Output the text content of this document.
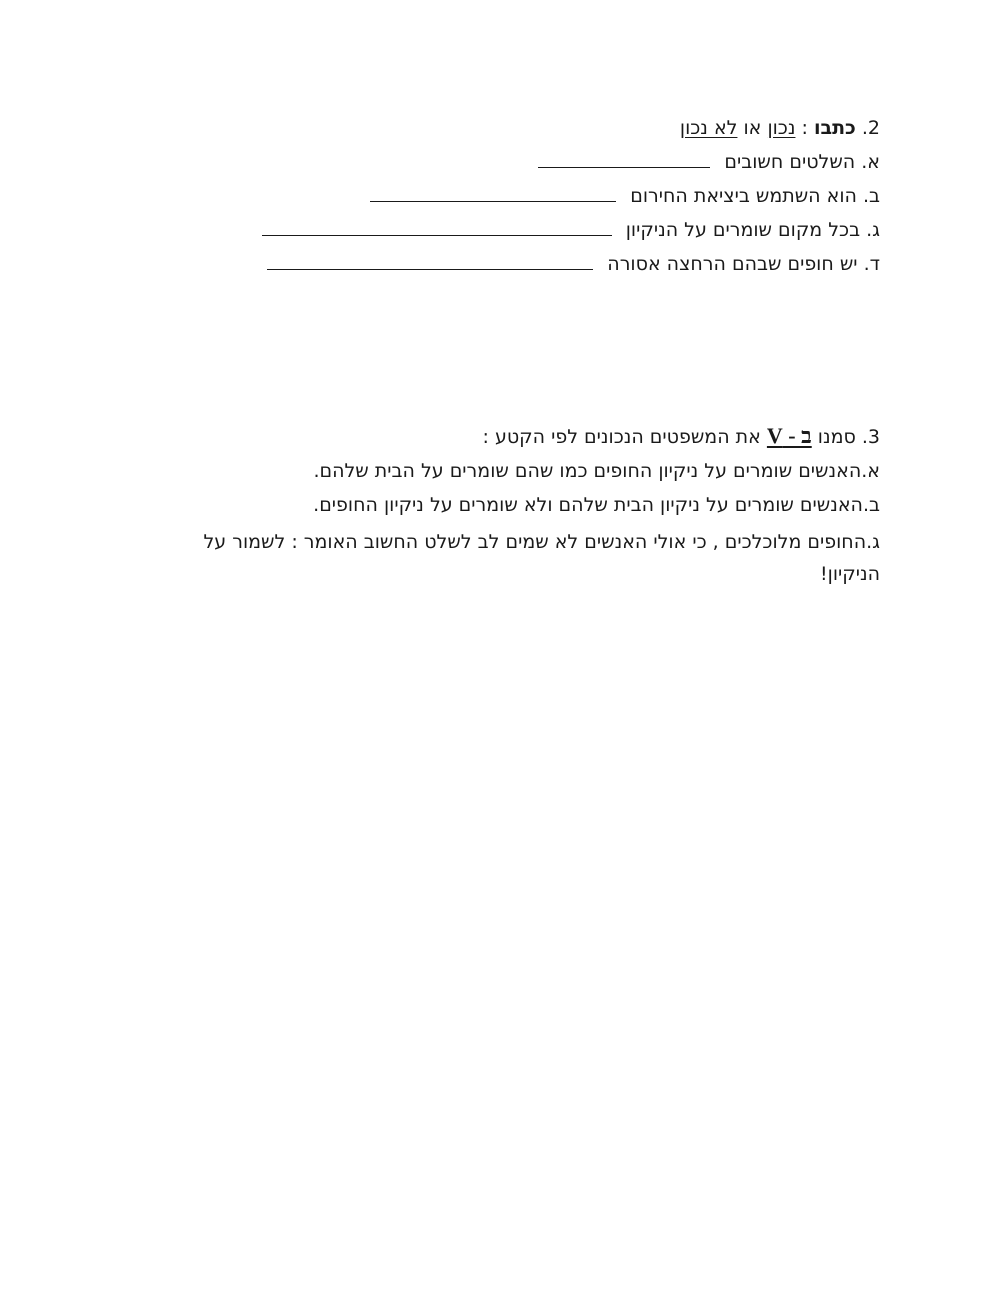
2. כתבו : נכון או לא נכון
א. השלטים חשובים
ב. הוא השתמש ביציאת החירום
ג. בכל מקום שומרים על הניקיון
ד. יש חופים שבהם הרחצה אסורה
3. סמנו ב - V את המשפטים הנכונים לפי הקטע :
א.האנשים שומרים על ניקיון החופים כמו שהם שומרים על הבית שלהם.
ב.האנשים שומרים על ניקיון הבית שלהם ולא שומרים על ניקיון החופים.
ג.החופים מלוכלכים , כי אולי האנשים לא שמים לב לשלט החשוב האומר : לשמור על הניקיון!
